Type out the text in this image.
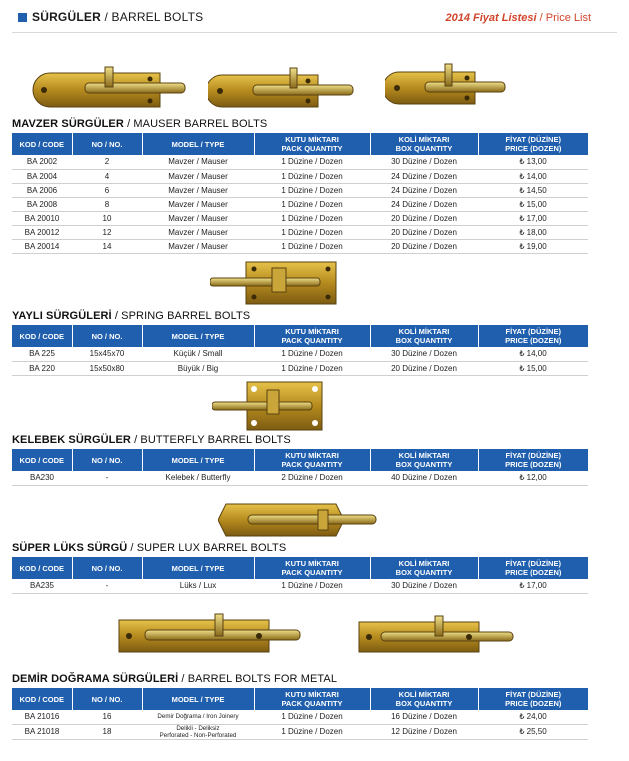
SÜRGÜLER / BARREL BOLTS	2014 Fiyat Listesi / Price List
MAVZER SÜRGÜLER / MAUSER BARREL BOLTS
YAYLI SÜRGÜLERİ / SPRING BARREL BOLTS
KELEBEK SÜRGÜLER / BUTTERFLY BARREL BOLTS
SÜPER LÜKS SÜRGÜ / SUPER LUX BARREL BOLTS
DEMİR DOĞRAMA SÜRGÜLERİ / BARREL BOLTS FOR METAL
KOD / CODE	NO / NO.	MODEL / TYPE	KUTU MİKTARI
PACK QUANTITY	KOLİ MİKTARI
BOX QUANTITY	FİYAT (DÜZİNE)
PRICE (DOZEN)
BA 2002	2	Mavzer / Mauser	1 Düzine / Dozen	30 Düzine / Dozen	₺ 13,00
BA 2004	4	Mavzer / Mauser	1 Düzine / Dozen	24 Düzine / Dozen	₺ 14,00
BA 2006	6	Mavzer / Mauser	1 Düzine / Dozen	24 Düzine / Dozen	₺ 14,50
BA 2008	8	Mavzer / Mauser	1 Düzine / Dozen	24 Düzine / Dozen	₺ 15,00
BA 20010	10	Mavzer / Mauser	1 Düzine / Dozen	20 Düzine / Dozen	₺ 17,00
BA 20012	12	Mavzer / Mauser	1 Düzine / Dozen	20 Düzine / Dozen	₺ 18,00
BA 20014	14	Mavzer / Mauser	1 Düzine / Dozen	20 Düzine / Dozen	₺ 19,00
KOD / CODE	NO / NO.	MODEL / TYPE	KUTU MİKTARI
PACK QUANTITY	KOLİ MİKTARI
BOX QUANTITY	FİYAT (DÜZİNE)
PRICE (DOZEN)
BA 225	15x45x70	Küçük / Small	1 Düzine / Dozen	30 Düzine / Dozen	₺ 14,00
BA 220	15x50x80	Büyük / Big	1 Düzine / Dozen	20 Düzine / Dozen	₺ 15,00
KOD / CODE	NO / NO.	MODEL / TYPE	KUTU MİKTARI
PACK QUANTITY	KOLİ MİKTARI
BOX QUANTITY	FİYAT (DÜZİNE)
PRICE (DOZEN)
BA230	-	Kelebek / Butterfly	2 Düzine / Dozen	40 Düzine / Dozen	₺ 12,00
KOD / CODE	NO / NO.	MODEL / TYPE	KUTU MİKTARI
PACK QUANTITY	KOLİ MİKTARI
BOX QUANTITY	FİYAT (DÜZİNE)
PRICE (DOZEN)
BA235	-	Lüks / Lux	1 Düzine / Dozen	30 Düzine / Dozen	₺ 17,00
KOD / CODE	NO / NO.	MODEL / TYPE	KUTU MİKTARI
PACK QUANTITY	KOLİ MİKTARI
BOX QUANTITY	FİYAT (DÜZİNE)
PRICE (DOZEN)
BA 21016	16	Demir Doğrama / Iron Joinery	1 Düzine / Dozen	16 Düzine / Dozen	₺ 24,00
BA 21018	18	Delikli - Deliksiz
Perforated - Non-Perforated	1 Düzine / Dozen	12 Düzine / Dozen	₺ 25,50
